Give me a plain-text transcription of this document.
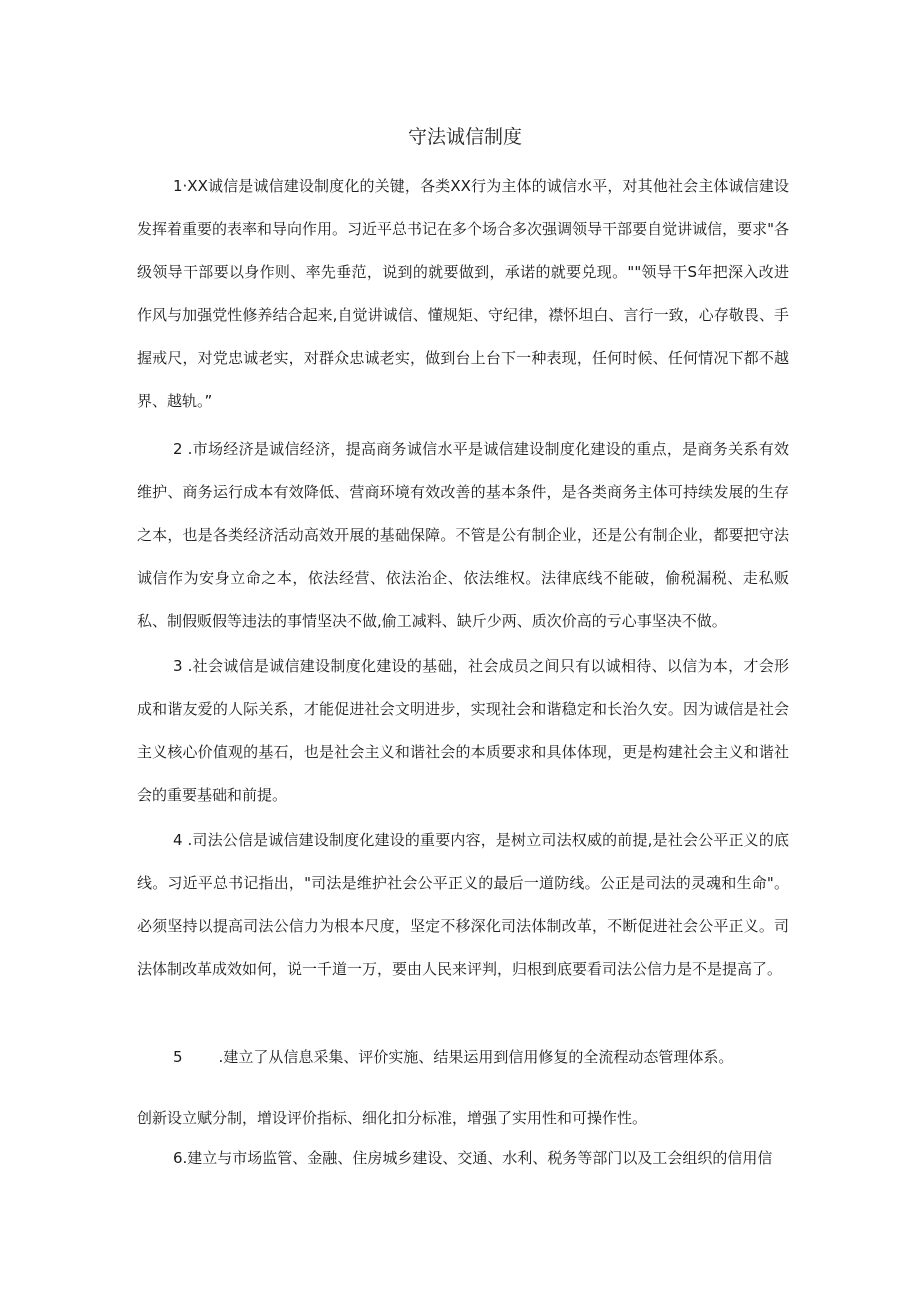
守法诚信制度
1·XX诚信是诚信建设制度化的关键，各类XX行为主体的诚信水平，对其他社会主体诚信建设发挥着重要的表率和导向作用。习近平总书记在多个场合多次强调领导干部要自觉讲诚信，要求"各级领导干部要以身作则、率先垂范，说到的就要做到，承诺的就要兑现。""领导干S年把深入改进作风与加强党性修养结合起来,自觉讲诚信、懂规矩、守纪律，襟怀坦白、言行一致，心存敬畏、手握戒尺，对党忠诚老实，对群众忠诚老实，做到台上台下一种表现，任何时候、任何情况下都不越界、越轨。”
2 .市场经济是诚信经济，提高商务诚信水平是诚信建设制度化建设的重点，是商务关系有效维护、商务运行成本有效降低、营商环境有效改善的基本条件，是各类商务主体可持续发展的生存之本，也是各类经济活动高效开展的基础保障。不管是公有制企业，还是公有制企业，都要把守法诚信作为安身立命之本，依法经营、依法治企、依法维权。法律底线不能破，偷税漏税、走私贩私、制假贩假等违法的事情坚决不做,偷工减料、缺斤少两、质次价高的亏心事坚决不做。
3 .社会诚信是诚信建设制度化建设的基础，社会成员之间只有以诚相待、以信为本，才会形成和谐友爱的人际关系，才能促进社会文明进步，实现社会和谐稳定和长治久安。因为诚信是社会主义核心价值观的基石，也是社会主义和谐社会的本质要求和具体体现，更是构建社会主义和谐社会的重要基础和前提。
4 .司法公信是诚信建设制度化建设的重要内容，是树立司法权威的前提,是社会公平正义的底线。习近平总书记指出，"司法是维护社会公平正义的最后一道防线。公正是司法的灵魂和生命"。必须坚持以提高司法公信力为根本尺度，坚定不移深化司法体制改革，不断促进社会公平正义。司法体制改革成效如何，说一千道一万，要由人民来评判，归根到底要看司法公信力是不是提高了。
5 .建立了从信息采集、评价实施、结果运用到信用修复的全流程动态管理体系。
创新设立赋分制，增设评价指标、细化扣分标准，增强了实用性和可操作性。
6.建立与市场监管、金融、住房城乡建设、交通、水利、税务等部门以及工会组织的信用信
